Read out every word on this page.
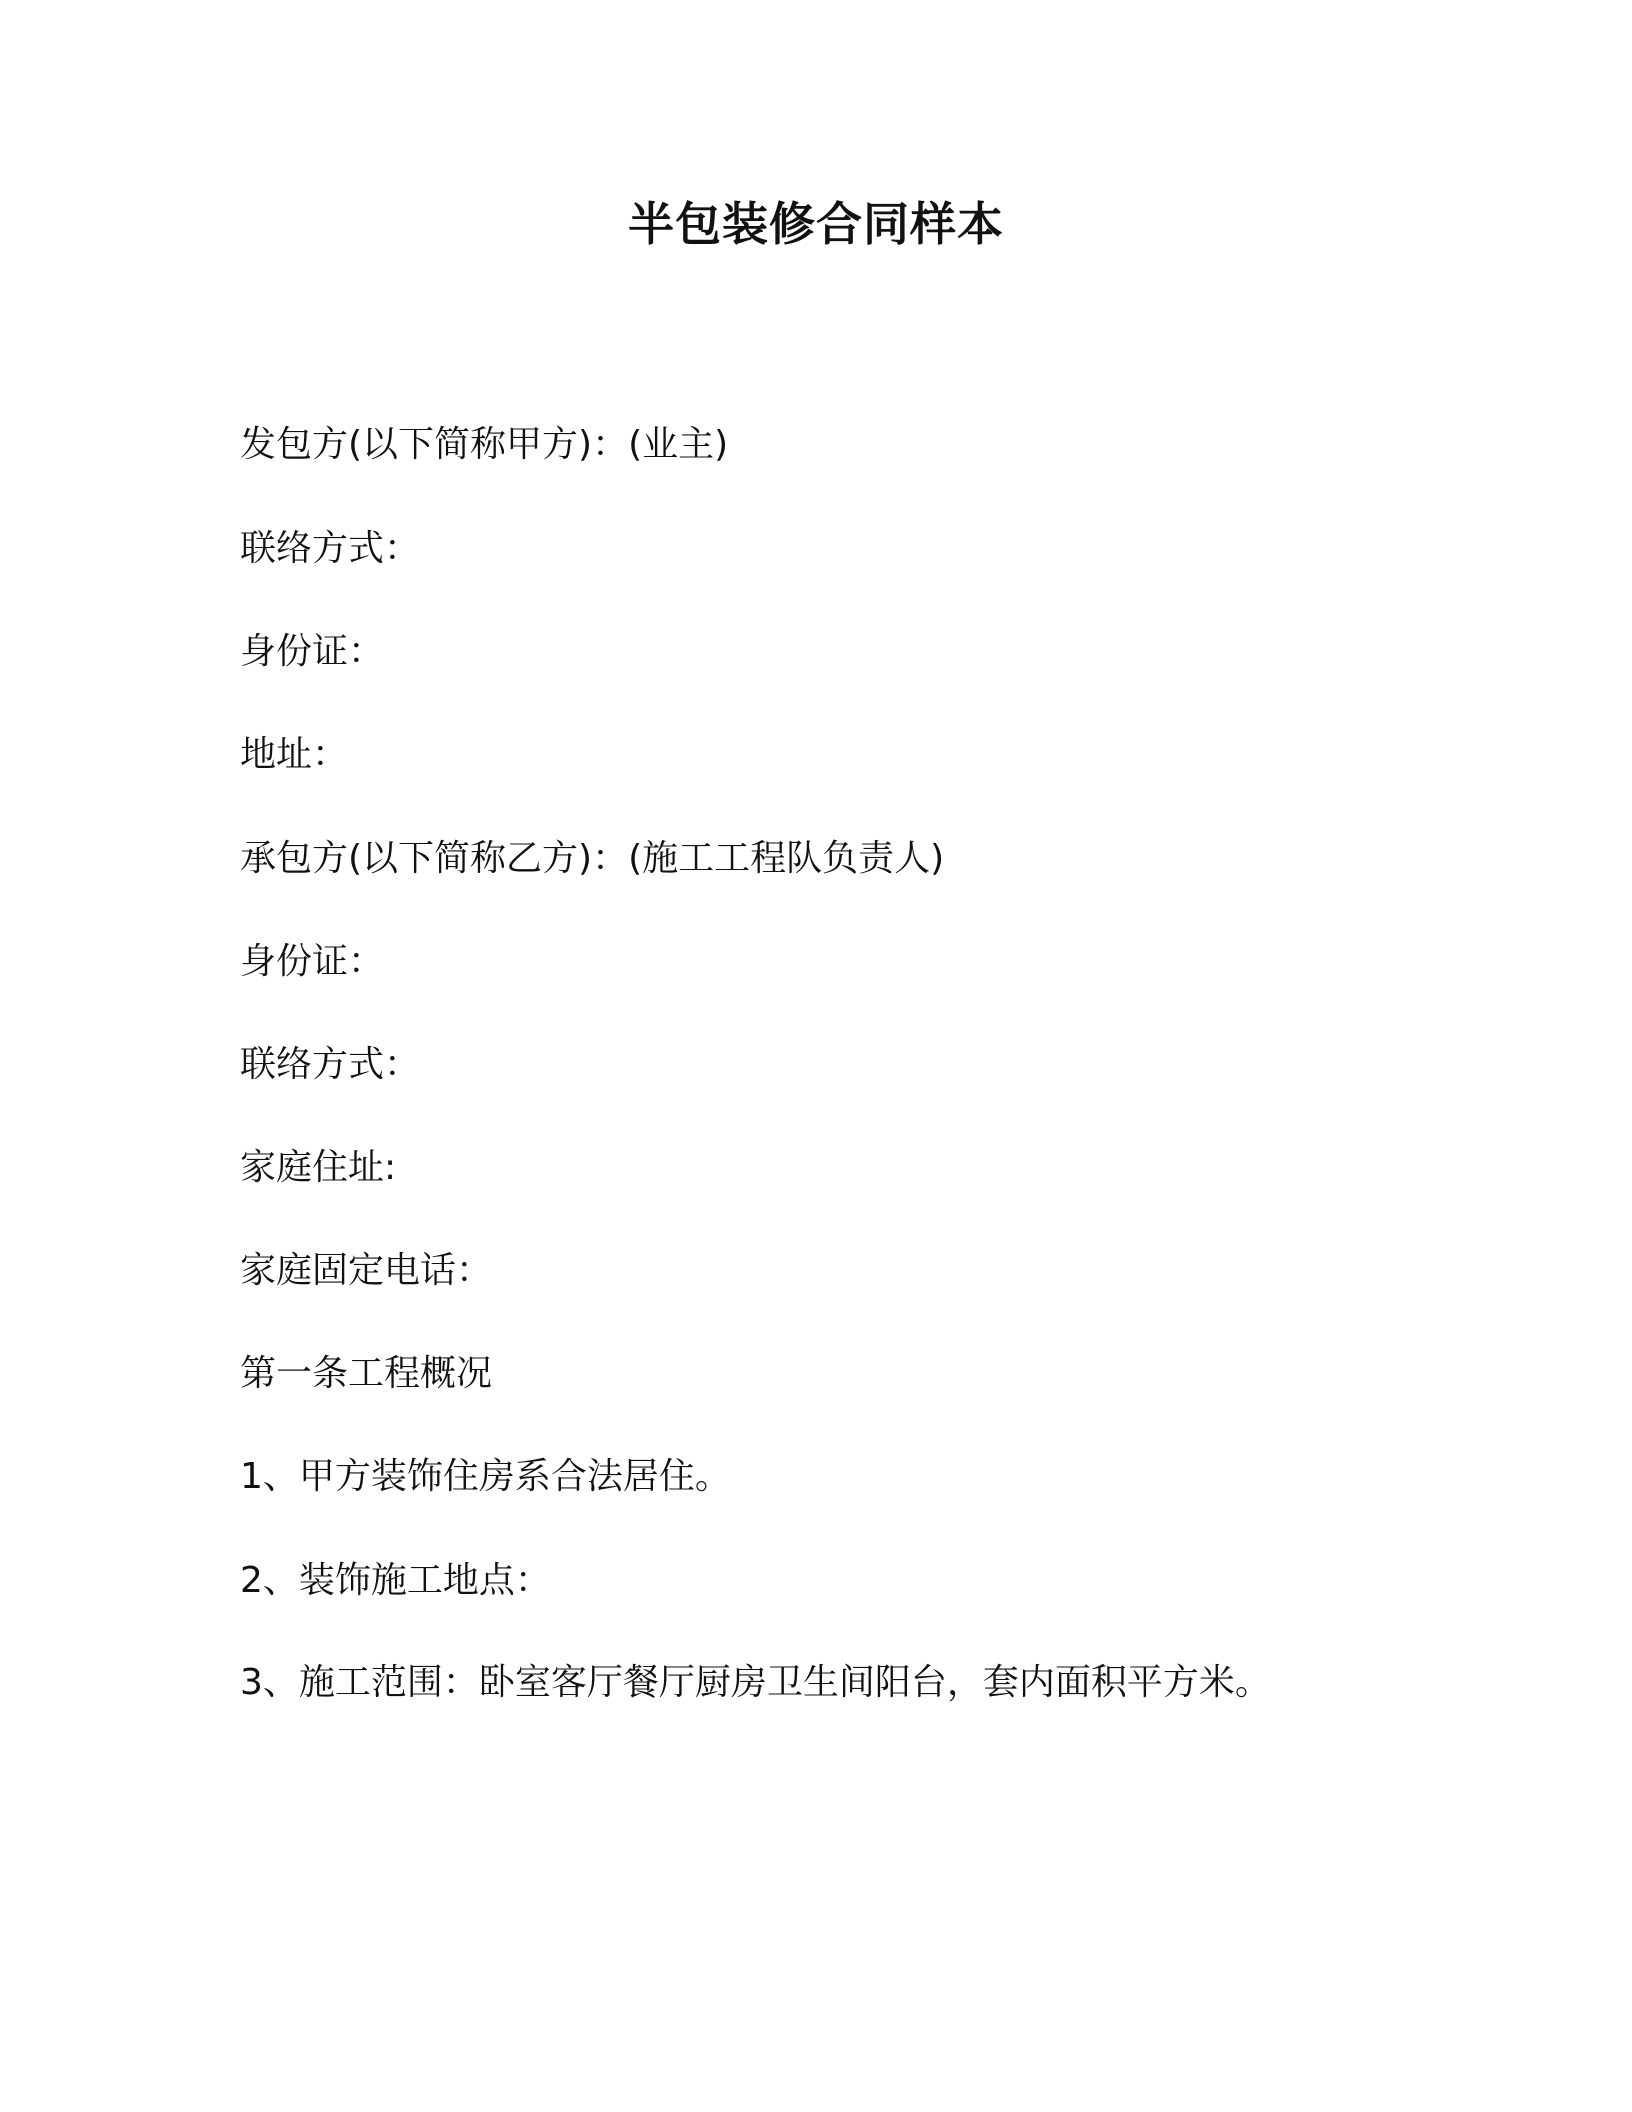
半包装修合同样本

发包方(以下简称甲方)：(业主)

联络方式：

身份证：

地址：

承包方(以下简称乙方)：(施工工程队负责人)

身份证：

联络方式：

家庭住址:

家庭固定电话：

第一条工程概况

1、甲方装饰住房系合法居住。

2、装饰施工地点：

3、施工范围：卧室客厅餐厅厨房卫生间阳台，套内面积平方米。
